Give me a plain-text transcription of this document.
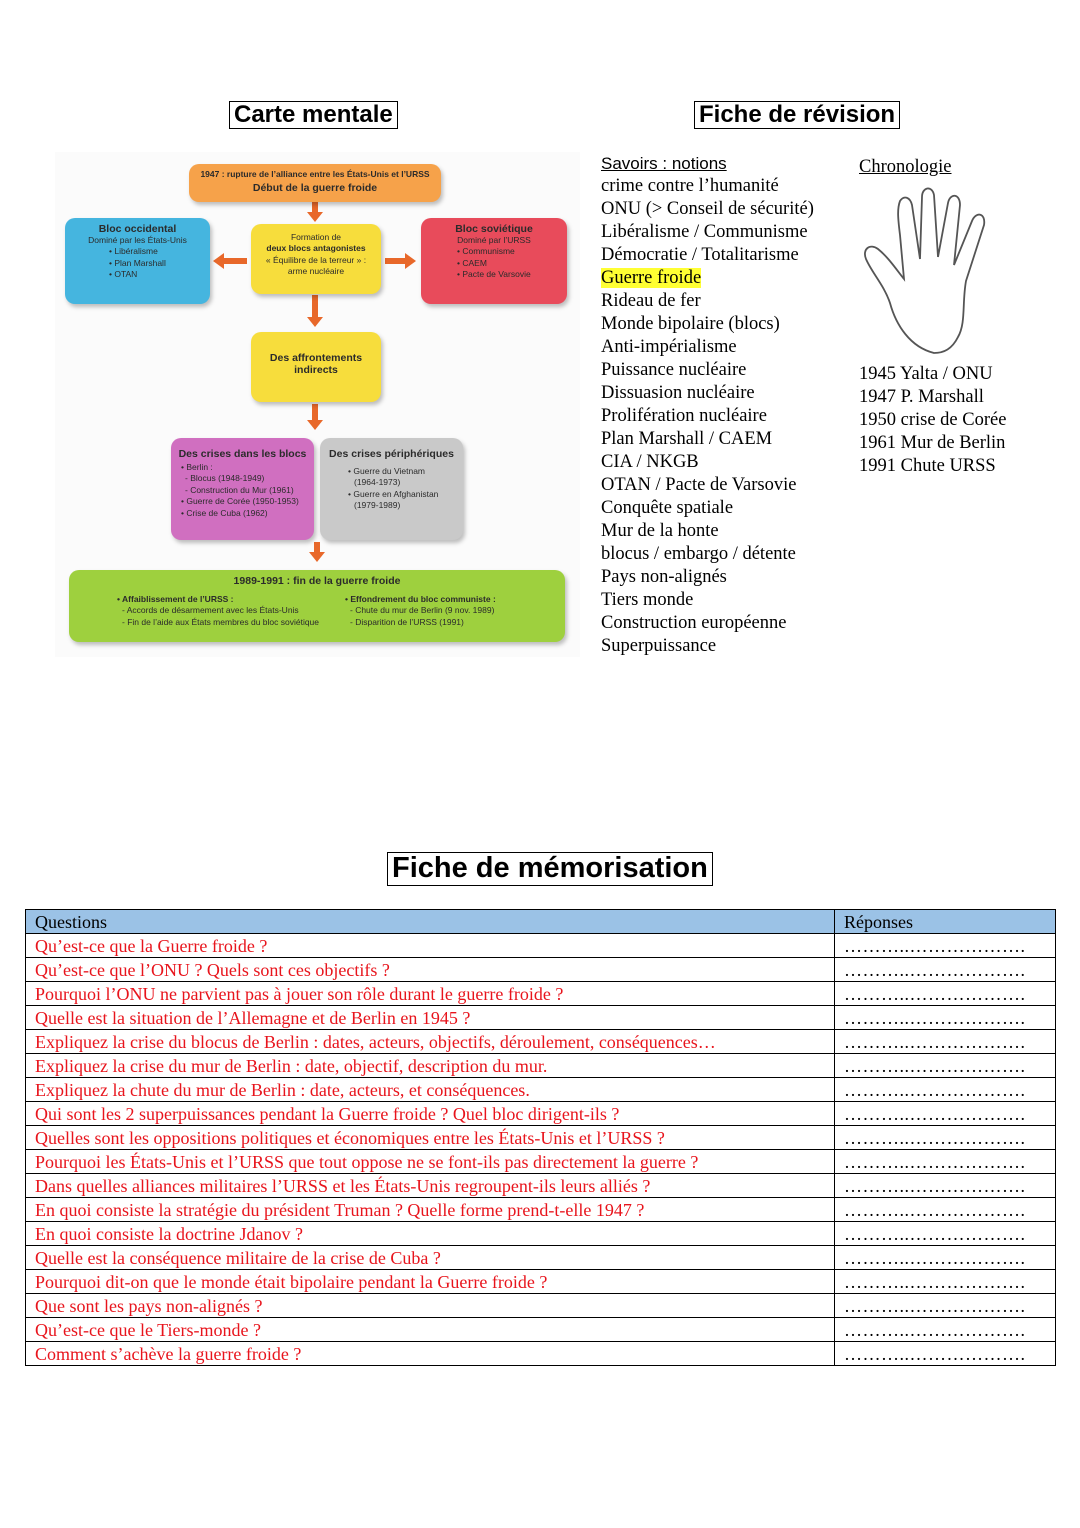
Carte mentale	Fiche de révision
Fiche de mémorisation
1947 : rupture de l’alliance entre les États-Unis et l’URSS
Début de la guerre froide
Bloc occidental
Dominé par les États-Unis
• Libéralisme
• Plan Marshall
• OTAN
Formation de
deux blocs antagonistes
« Équilibre de la terreur » :
arme nucléaire
Bloc soviétique
Dominé par l’URSS
• Communisme
• CAEM
• Pacte de Varsovie
Des affrontements
indirects
Des crises dans les blocs
• Berlin :
- Blocus (1948-1949)
- Construction du Mur (1961)
• Guerre de Corée (1950-1953)
• Crise de Cuba (1962)
Des crises périphériques
• Guerre du Vietnam
(1964-1973)
• Guerre en Afghanistan
(1979-1989)
1989-1991 : fin de la guerre froide
• Affaiblissement de l’URSS :
- Accords de désarmement avec les États-Unis
- Fin de l’aide aux États membres du bloc soviétique
• Effondrement du bloc communiste :
- Chute du mur de Berlin (9 nov. 1989)
- Disparition de l’URSS (1991)
Savoirs : notions
crime contre l’humanité
ONU (> Conseil de sécurité)
Libéralisme / Communisme
Démocratie / Totalitarisme
Guerre froide
Rideau de fer
Monde bipolaire (blocs)
Anti-impérialisme
Puissance nucléaire
Dissuasion nucléaire
Prolifération nucléaire
Plan Marshall / CAEM
CIA / NKGB
OTAN / Pacte de Varsovie
Conquête spatiale
Mur de la honte
blocus / embargo / détente
Pays non-alignés
Tiers monde
Construction européenne
Superpuissance
Chronologie
1945 Yalta / ONU
1947 P. Marshall
1950 crise de Corée
1961 Mur de Berlin
1991 Chute URSS
Questions	Réponses
Qu’est-ce que la Guerre froide ?	………..……………….
Qu’est-ce que l’ONU ? Quels sont ces objectifs ?	………..……………….
Pourquoi l’ONU ne parvient pas à jouer son rôle durant le guerre froide ?	………..……………….
Quelle est la situation de l’Allemagne et de Berlin en 1945 ?	………..……………….
Expliquez la crise du blocus de Berlin : dates, acteurs, objectifs, déroulement, conséquences…	………..……………….
Expliquez la crise du mur de Berlin : date, objectif, description du mur.	………..……………….
Expliquez la chute du mur de Berlin : date, acteurs, et conséquences.	………..……………….
Qui sont les 2 superpuissances pendant la Guerre froide ? Quel bloc dirigent-ils ?	………..……………….
Quelles sont les oppositions politiques et économiques entre les États-Unis et l’URSS ?	………..……………….
Pourquoi les États-Unis et l’URSS que tout oppose ne se font-ils pas directement la guerre ?	………..……………….
Dans quelles alliances militaires l’URSS et les États-Unis regroupent-ils leurs alliés ?	………..……………….
En quoi consiste la stratégie du président Truman ? Quelle forme prend-t-elle 1947 ?	………..……………….
En quoi consiste la doctrine Jdanov ?	………..……………….
Quelle est la conséquence militaire de la crise de Cuba ?	………..……………….
Pourquoi dit-on que le monde était bipolaire pendant la Guerre froide ?	………..……………….
Que sont les pays non-alignés ?	………..……………….
Qu’est-ce que le Tiers-monde ?	………..……………….
Comment s’achève la guerre froide ?	………..……………….
